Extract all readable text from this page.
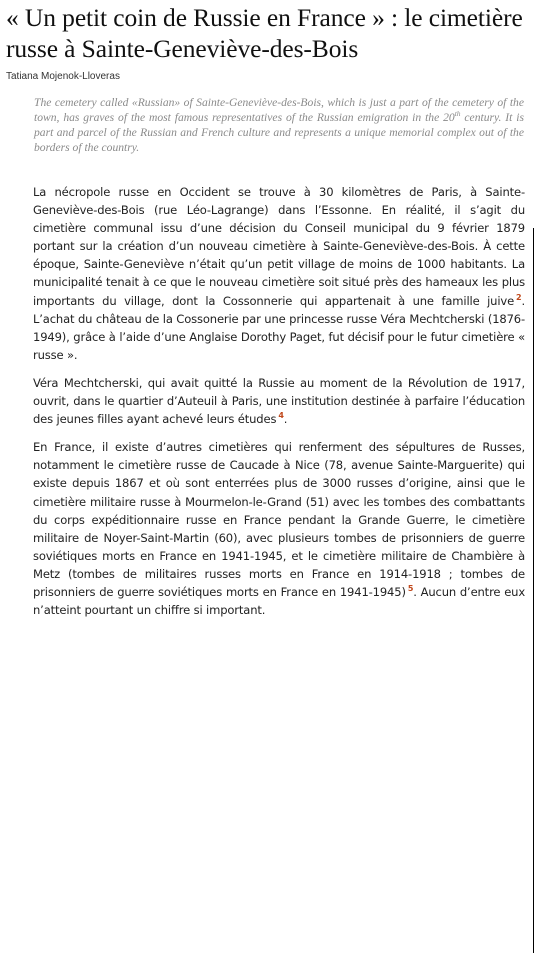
« Un petit coin de Russie en France » : le cimetière russe à Sainte-Geneviève-des-Bois
Tatiana Mojenok-Lloveras

The cemetery called «Russian» of Sainte-Geneviève-des-Bois, which is just a part of the cemetery of the town, has graves of the most famous representatives of the Russian emigration in the 20th century. It is part and parcel of the Russian and French culture and represents a unique memorial complex out of the borders of the country.

La nécropole russe en Occident se trouve à 30 kilomètres de Paris, à Sainte-Geneviève-des-Bois (rue Léo-Lagrange) dans l’Essonne. En réalité, il s’agit du cimetière communal issu d’une décision du Conseil municipal du 9 février 1879 portant sur la création d’un nouveau cimetière à Sainte-Geneviève-des-Bois. À cette époque, Sainte-Geneviève n’était qu’un petit village de moins de 1000 habitants. La municipalité tenait à ce que le nouveau cimetière soit situé près des hameaux les plus importants du village, dont la Cossonnerie qui appartenait à une famille juive $^2$. L’achat du château de la Cossonerie par une princesse russe Véra Mechtcherski (1876-1949), grâce à l’aide d’une Anglaise Dorothy Paget, fut décisif pour le futur cimetière « russe ».

Véra Mechtcherski, qui avait quitté la Russie au moment de la Révolution de 1917, ouvrit, dans le quartier d’Auteuil à Paris, une institution destinée à parfaire l’éducation des jeunes filles ayant achevé leurs études $^4$.

En France, il existe d’autres cimetières qui renferment des sépultures de Russes, notamment le cimetière russe de Caucade à Nice (78, avenue Sainte-Marguerite) qui existe depuis 1867 et où sont enterrées plus de 3000 russes d’origine, ainsi que le cimetière militaire russe à Mourmelon-le-Grand (51) avec les tombes des combattants du corps expéditionnaire russe en France pendant la Grande Guerre, le cimetière militaire de Noyer-Saint-Martin (60), avec plusieurs tombes de prisonniers de guerre soviétiques morts en France en 1941-1945, et le cimetière militaire de Chambière à Metz (tombes de militaires russes morts en France en 1914-1918 ; tombes de prisonniers de guerre soviétiques morts en France en 1941-1945) $^5$. Aucun d’entre eux n’atteint pourtant un chiffre si important.
